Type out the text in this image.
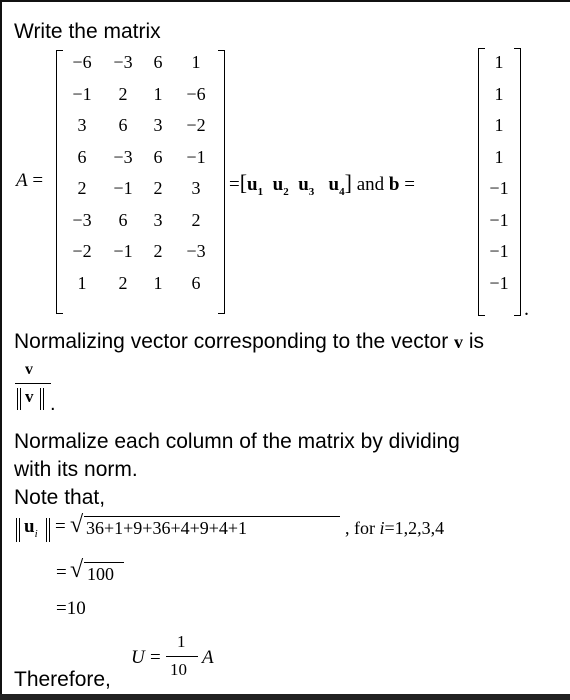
Write the matrix
A =
−6	−3	6	1
−1	2	1	−6
3	6	3	−2
6	−3	6	−1
2	−1	2	3
−3	6	3	2
−2	−1	2	−3
1	2	1	6
$=[u_1$ $u_2$ $u_3$ $u_4$] and b =
1
1
1
1
−1
−1
−1
−1
.
Normalizing vector corresponding to the vector v is
v
v .
Normalize each column of the matrix by dividing
with its norm.
Note that,
$u_i$ = √ 36+1+9+36+4+9+4+1	, for i=1,2,3,4
= √ 100
=10
Therefore,
U =
1
10
A
